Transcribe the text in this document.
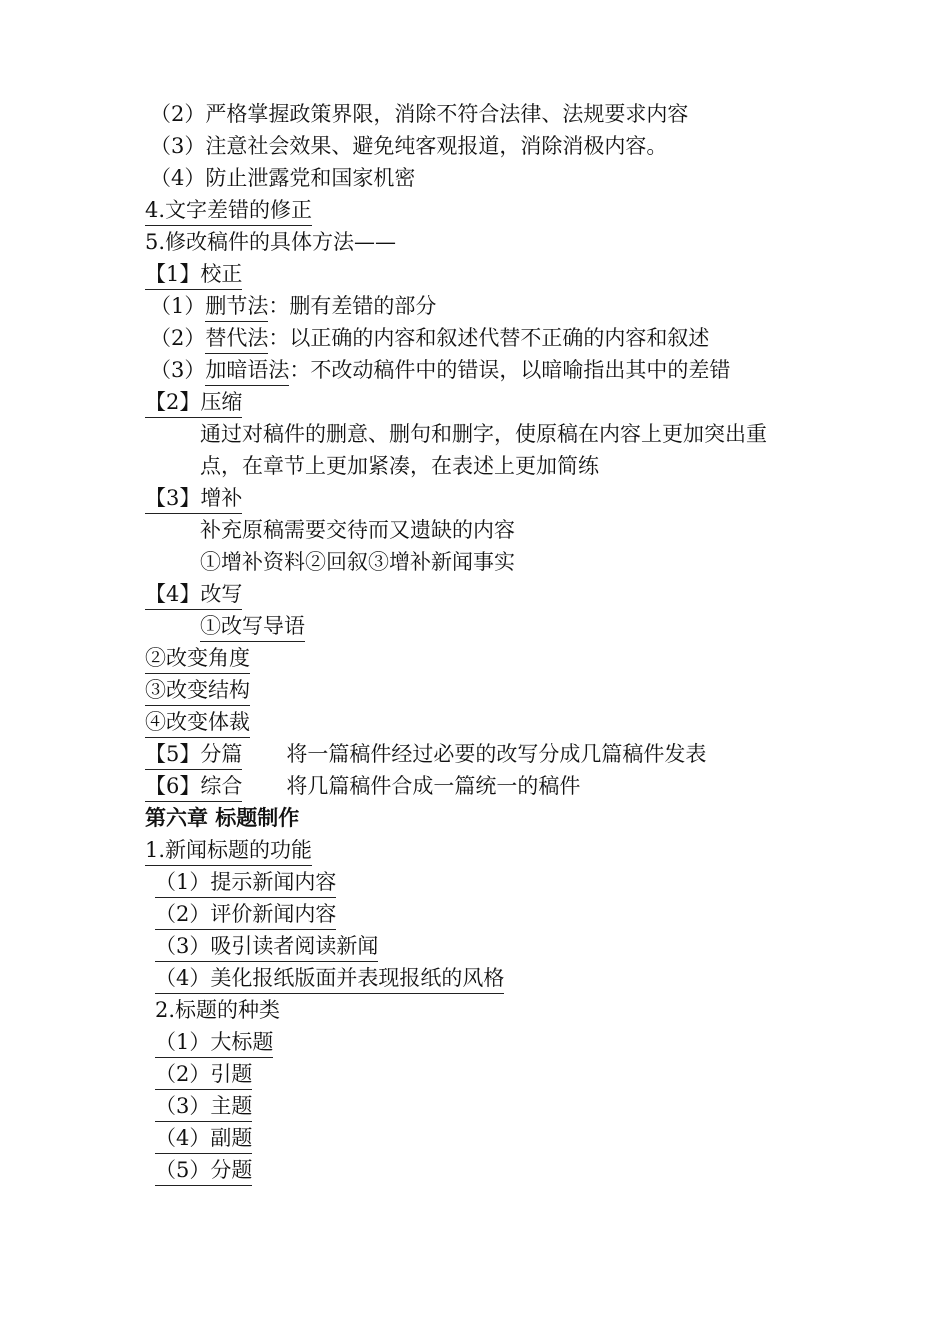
（2）严格掌握政策界限，消除不符合法律、法规要求内容
（3）注意社会效果、避免纯客观报道，消除消极内容。
（4）防止泄露党和国家机密
4.文字差错的修正
5.修改稿件的具体方法——
【1】校正
（1）删节法：删有差错的部分
（2）替代法：以正确的内容和叙述代替不正确的内容和叙述
（3）加暗语法：不改动稿件中的错误，以暗喻指出其中的差错
【2】压缩
通过对稿件的删意、删句和删字，使原稿在内容上更加突出重
点，在章节上更加紧凑，在表述上更加简练
【3】增补
补充原稿需要交待而又遗缺的内容
①增补资料②回叙③增补新闻事实
【4】改写
①改写导语
②改变角度
③改变结构
④改变体裁
【5】分篇 将一篇稿件经过必要的改写分成几篇稿件发表
【6】综合 将几篇稿件合成一篇统一的稿件
第六章 标题制作
1.新闻标题的功能
（1）提示新闻内容
（2）评价新闻内容
（3）吸引读者阅读新闻
（4）美化报纸版面并表现报纸的风格
2.标题的种类
（1）大标题
（2）引题
（3）主题
（4）副题
（5）分题
